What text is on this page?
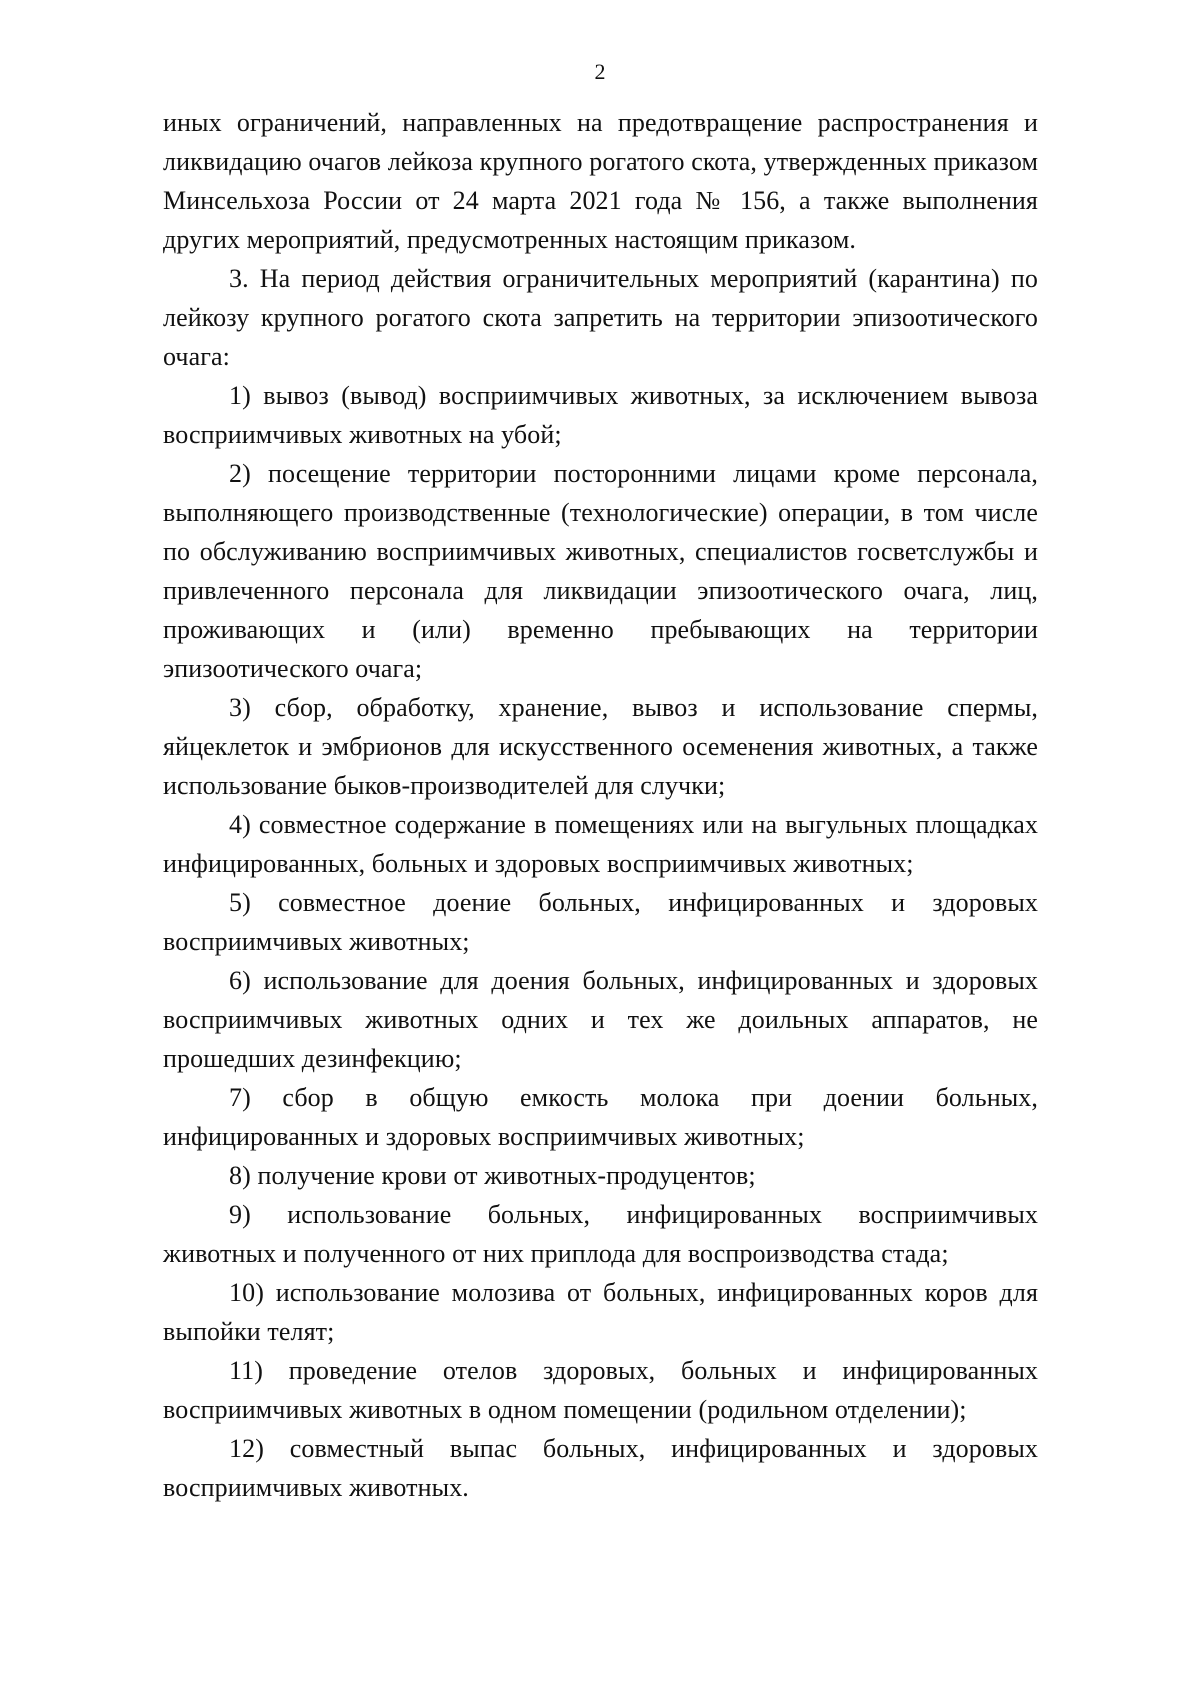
2

иных ограничений, направленных на предотвращение распространения и ликвидацию очагов лейкоза крупного рогатого скота, утвержденных приказом Минсельхоза России от 24 марта 2021 года № 156, а также выполнения других мероприятий, предусмотренных настоящим приказом.

3. На период действия ограничительных мероприятий (карантина) по лейкозу крупного рогатого скота запретить на территории эпизоотического очага:

1) вывоз (вывод) восприимчивых животных, за исключением вывоза восприимчивых животных на убой;

2) посещение территории посторонними лицами кроме персонала, выполняющего производственные (технологические) операции, в том числе по обслуживанию восприимчивых животных, специалистов госветслужбы и привлеченного персонала для ликвидации эпизоотического очага, лиц, проживающих и (или) временно пребывающих на территории эпизоотического очага;

3) сбор, обработку, хранение, вывоз и использование спермы, яйцеклеток и эмбрионов для искусственного осеменения животных, а также использование быков-производителей для случки;

4) совместное содержание в помещениях или на выгульных площадках инфицированных, больных и здоровых восприимчивых животных;

5) совместное доение больных, инфицированных и здоровых восприимчивых животных;

6) использование для доения больных, инфицированных и здоровых восприимчивых животных одних и тех же доильных аппаратов, не прошедших дезинфекцию;

7) сбор в общую емкость молока при доении больных, инфицированных и здоровых восприимчивых животных;

8) получение крови от животных-продуцентов;

9) использование больных, инфицированных восприимчивых животных и полученного от них приплода для воспроизводства стада;

10) использование молозива от больных, инфицированных коров для выпойки телят;

11) проведение отелов здоровых, больных и инфицированных восприимчивых животных в одном помещении (родильном отделении);

12) совместный выпас больных, инфицированных и здоровых восприимчивых животных.
